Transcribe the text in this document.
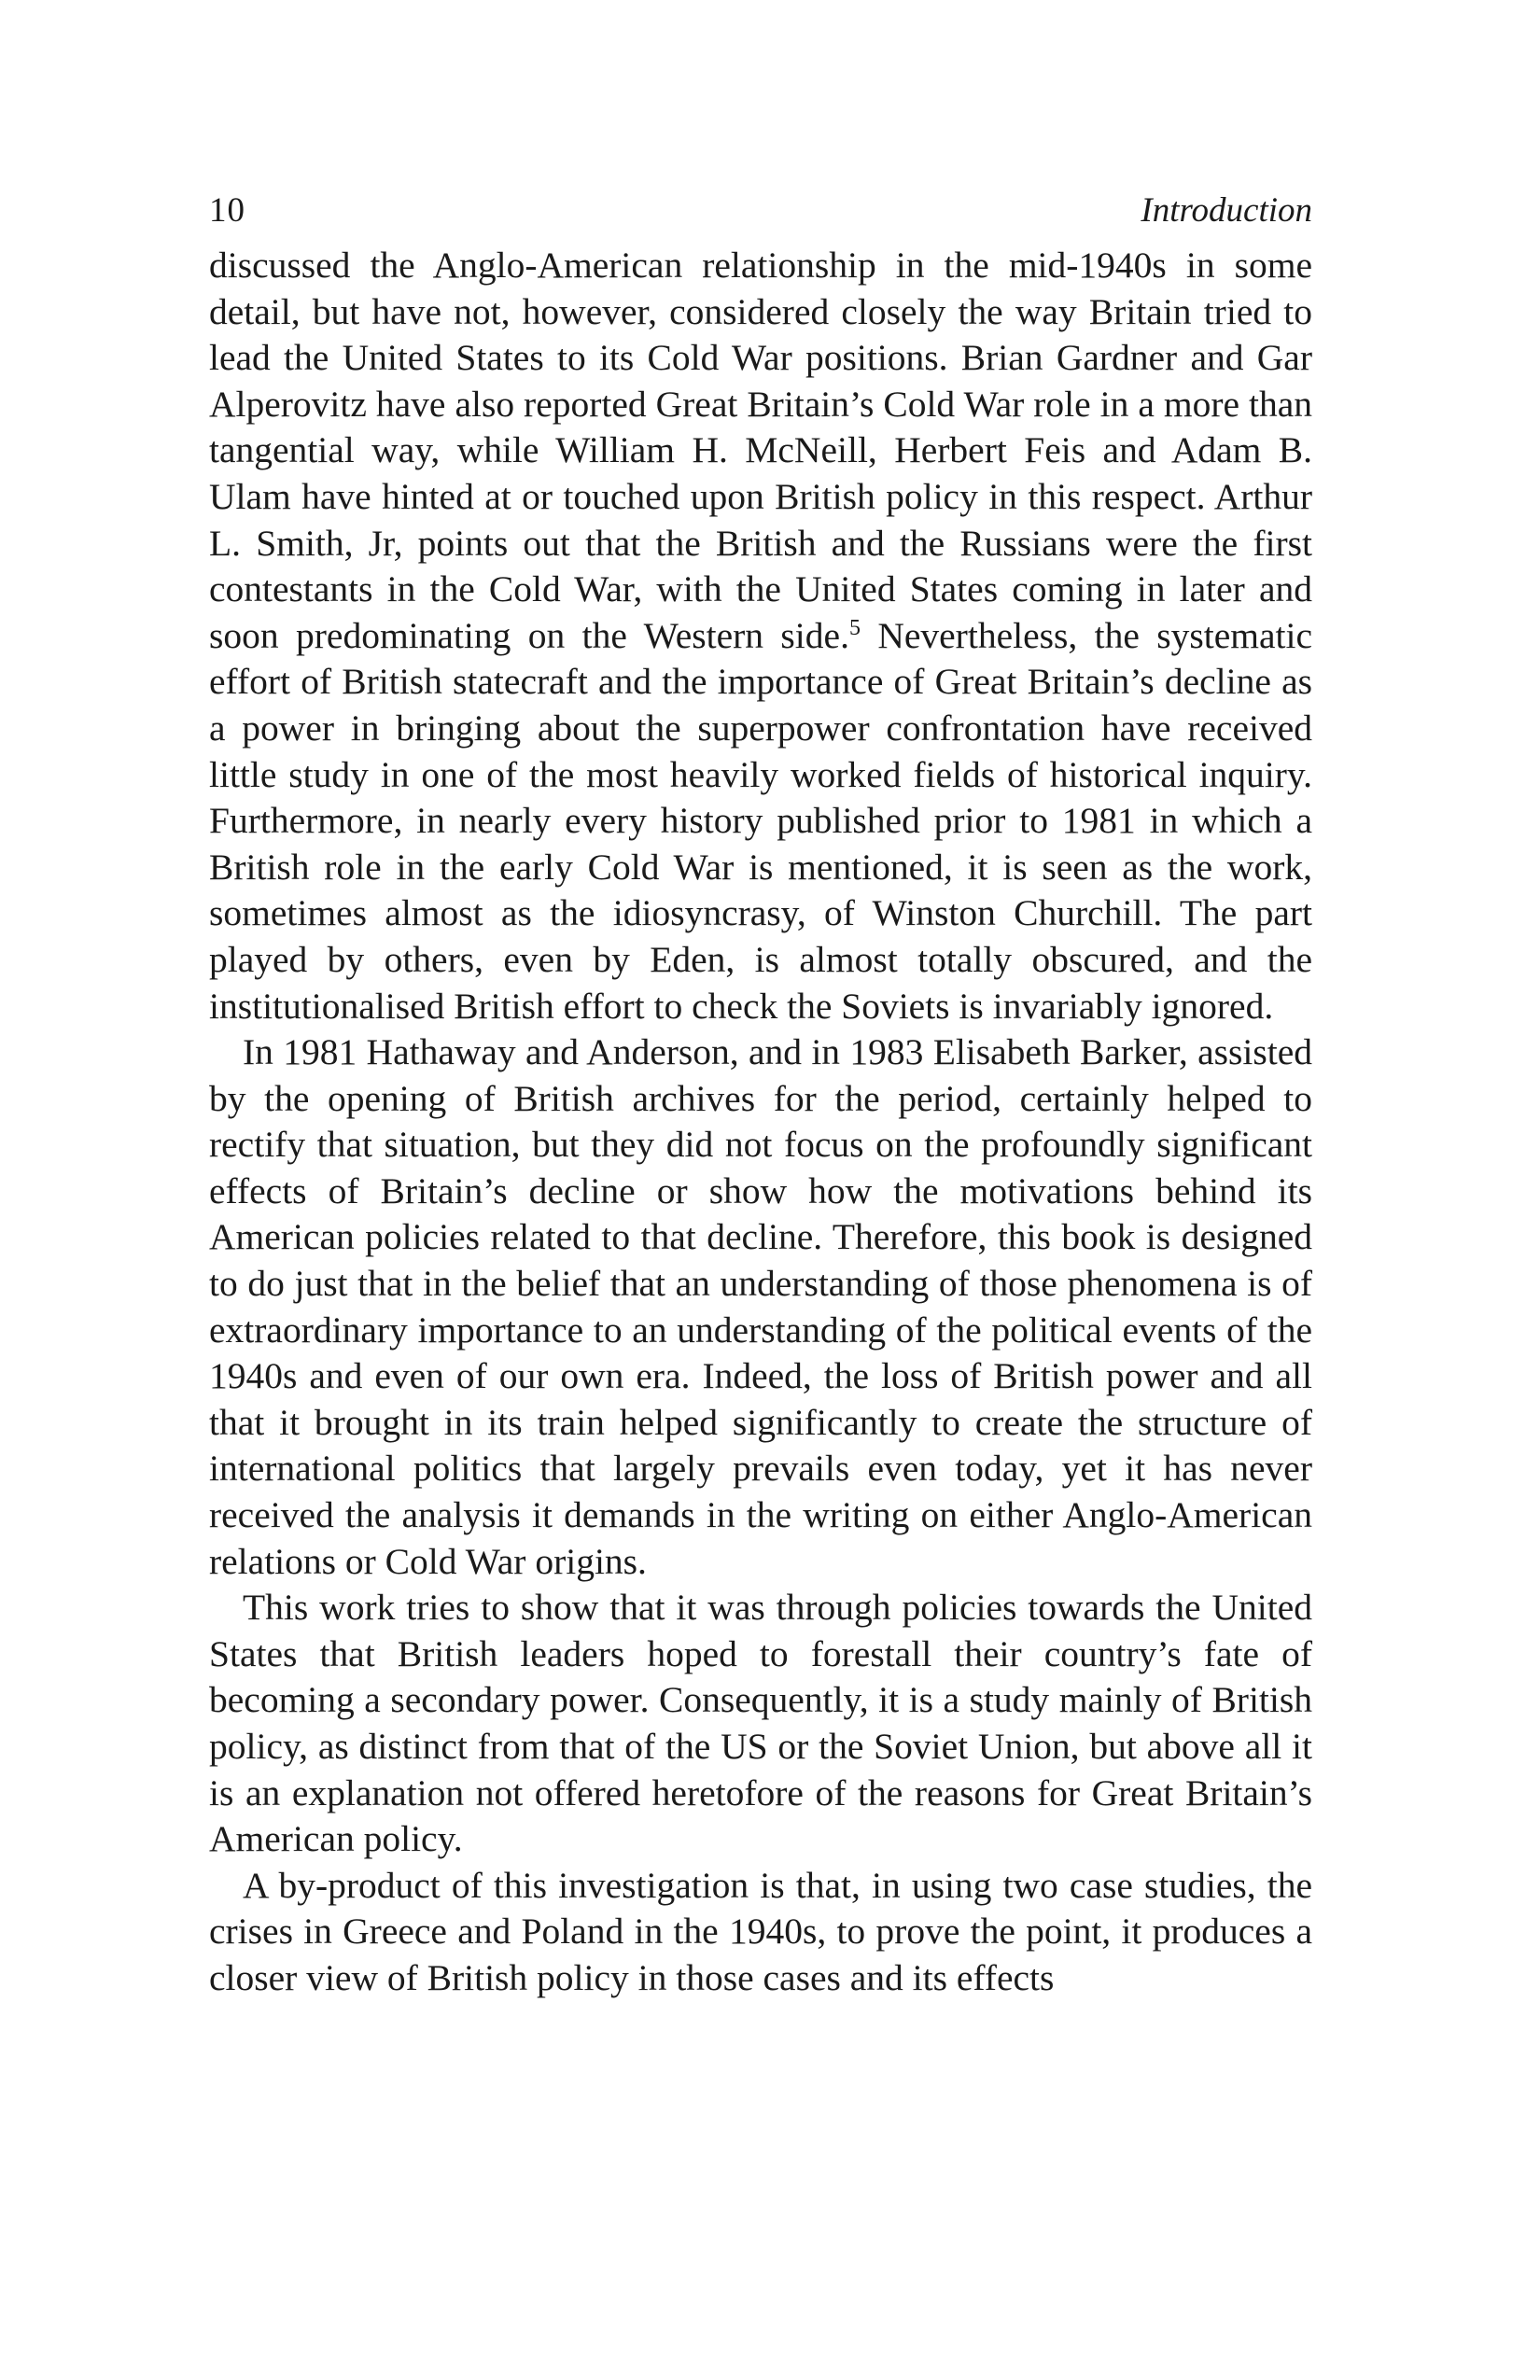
10	Introduction

discussed the Anglo-American relationship in the mid-1940s in some detail, but have not, however, considered closely the way Britain tried to lead the United States to its Cold War positions. Brian Gardner and Gar Alperovitz have also reported Great Britain’s Cold War role in a more than tangential way, while William H. McNeill, Herbert Feis and Adam B. Ulam have hinted at or touched upon British policy in this respect. Arthur L. Smith, Jr, points out that the British and the Russians were the first contestants in the Cold War, with the United States coming in later and soon predominating on the Western side.$^5$ Nevertheless, the systematic effort of British statecraft and the importance of Great Britain’s decline as a power in bringing about the superpower confrontation have received little study in one of the most heavily worked fields of historical inquiry. Furthermore, in nearly every history published prior to 1981 in which a British role in the early Cold War is mentioned, it is seen as the work, sometimes almost as the idiosyncrasy, of Winston Churchill. The part played by others, even by Eden, is almost totally obscured, and the institutionalised British effort to check the Soviets is invariably ignored.

In 1981 Hathaway and Anderson, and in 1983 Elisabeth Barker, assisted by the opening of British archives for the period, certainly helped to rectify that situation, but they did not focus on the profoundly significant effects of Britain’s decline or show how the motivations behind its American policies related to that decline. Therefore, this book is designed to do just that in the belief that an understanding of those phenomena is of extraordinary importance to an understanding of the political events of the 1940s and even of our own era. Indeed, the loss of British power and all that it brought in its train helped significantly to create the structure of international politics that largely prevails even today, yet it has never received the analysis it demands in the writing on either Anglo-American relations or Cold War origins.

This work tries to show that it was through policies towards the United States that British leaders hoped to forestall their country’s fate of becoming a secondary power. Consequently, it is a study mainly of British policy, as distinct from that of the US or the Soviet Union, but above all it is an explanation not offered heretofore of the reasons for Great Britain’s American policy.

A by-product of this investigation is that, in using two case studies, the crises in Greece and Poland in the 1940s, to prove the point, it produces a closer view of British policy in those cases and its effects
